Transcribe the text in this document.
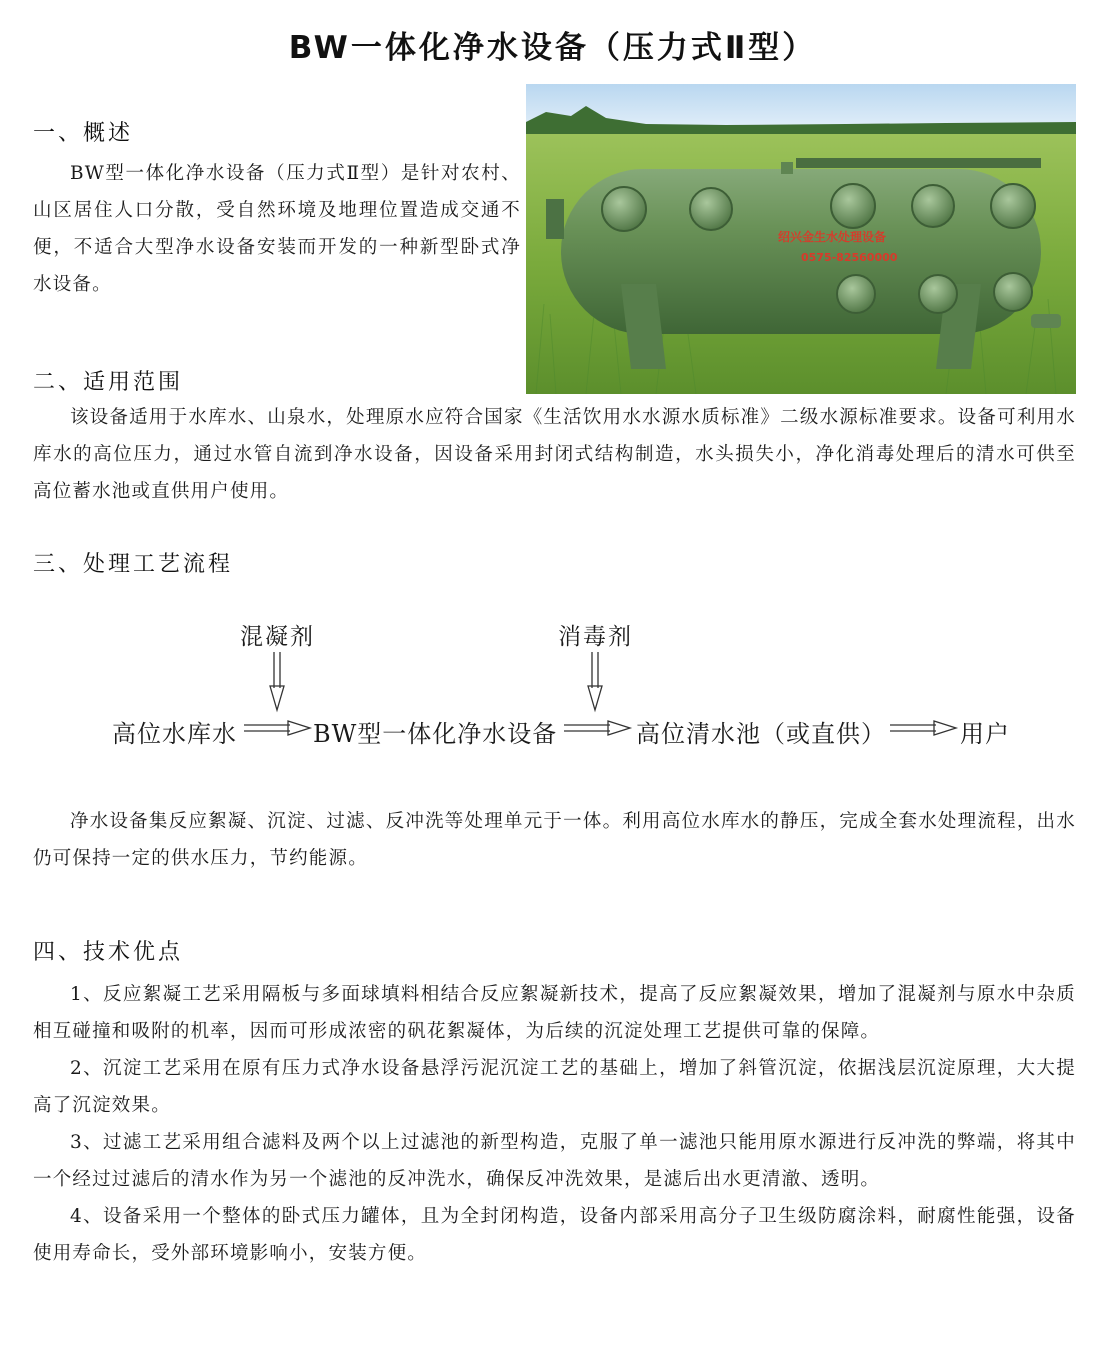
BW一体化净水设备（压力式Ⅱ型）
一、概述

BW型一体化净水设备（压力式Ⅱ型）是针对农村、山区居住人口分散，受自然环境及地理位置造成交通不便，不适合大型净水设备安装而开发的一种新型卧式净水设备。

绍兴金生水处理设备
0575-82560000
二、适用范围

该设备适用于水库水、山泉水，处理原水应符合国家《生活饮用水水源水质标准》二级水源标准要求。设备可利用水库水的高位压力，通过水管自流到净水设备，因设备采用封闭式结构制造，水头损失小，净化消毒处理后的清水可供至高位蓄水池或直供用户使用。

三、处理工艺流程
混凝剂	消毒剂
高位水库水	BW型一体化净水设备	高位清水池（或直供）	用户

净水设备集反应絮凝、沉淀、过滤、反冲洗等处理单元于一体。利用高位水库水的静压，完成全套水处理流程，出水仍可保持一定的供水压力，节约能源。

四、技术优点

1、反应絮凝工艺采用隔板与多面球填料相结合反应絮凝新技术，提高了反应絮凝效果，增加了混凝剂与原水中杂质相互碰撞和吸附的机率，因而可形成浓密的矾花絮凝体，为后续的沉淀处理工艺提供可靠的保障。

2、沉淀工艺采用在原有压力式净水设备悬浮污泥沉淀工艺的基础上，增加了斜管沉淀，依据浅层沉淀原理，大大提高了沉淀效果。

3、过滤工艺采用组合滤料及两个以上过滤池的新型构造，克服了单一滤池只能用原水源进行反冲洗的弊端，将其中一个经过过滤后的清水作为另一个滤池的反冲洗水，确保反冲洗效果，是滤后出水更清澈、透明。

4、设备采用一个整体的卧式压力罐体，且为全封闭构造，设备内部采用高分子卫生级防腐涂料，耐腐性能强，设备使用寿命长，受外部环境影响小，安装方便。
